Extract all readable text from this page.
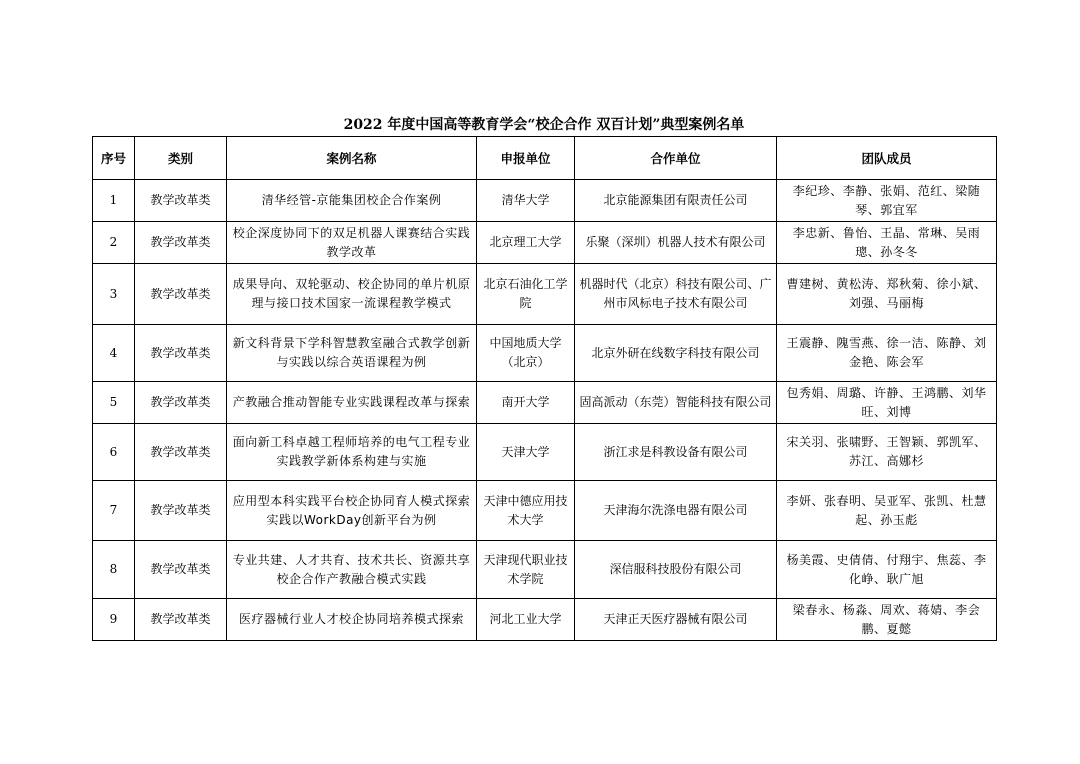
2022 年度中国高等教育学会“校企合作 双百计划”典型案例名单
序号	类别	案例名称	申报单位	合作单位	团队成员
1	教学改革类	清华经管-京能集团校企合作案例	清华大学	北京能源集团有限责任公司	李纪珍、李静、张娟、范红、梁随琴、郭宜军
2	教学改革类	校企深度协同下的双足机器人课赛结合实践教学改革	北京理工大学	乐聚（深圳）机器人技术有限公司	李忠新、鲁怡、王晶、常琳、吴雨璁、孙冬冬
3	教学改革类	成果导向、双轮驱动、校企协同的单片机原理与接口技术国家一流课程教学模式	北京石油化工学院	机器时代（北京）科技有限公司、广州市风标电子技术有限公司	曹建树、黄松涛、郑秋菊、徐小斌、刘强、马丽梅
4	教学改革类	新文科背景下学科智慧教室融合式教学创新与实践以综合英语课程为例	中国地质大学（北京）	北京外研在线数字科技有限公司	王震静、隗雪燕、徐一洁、陈静、刘金艳、陈会军
5	教学改革类	产教融合推动智能专业实践课程改革与探索	南开大学	固高派动（东莞）智能科技有限公司	包秀娟、周璐、许静、王鸿鹏、刘华旺、刘博
6	教学改革类	面向新工科卓越工程师培养的电气工程专业实践教学新体系构建与实施	天津大学	浙江求是科教设备有限公司	宋关羽、张啸野、王智颖、郭凯军、苏江、高娜杉
7	教学改革类	应用型本科实践平台校企协同育人模式探索实践以WorkDay创新平台为例	天津中德应用技术大学	天津海尔洗涤电器有限公司	李妍、张春明、吴亚军、张凯、杜慧起、孙玉彪
8	教学改革类	专业共建、人才共育、技术共长、资源共享校企合作产教融合模式实践	天津现代职业技术学院	深信服科技股份有限公司	杨美霞、史倩倩、付翔宇、焦蕊、李化峥、耿广旭
9	教学改革类	医疗器械行业人才校企协同培养模式探索	河北工业大学	天津正天医疗器械有限公司	梁春永、杨淼、周欢、蒋婧、李会鹏、夏懿
